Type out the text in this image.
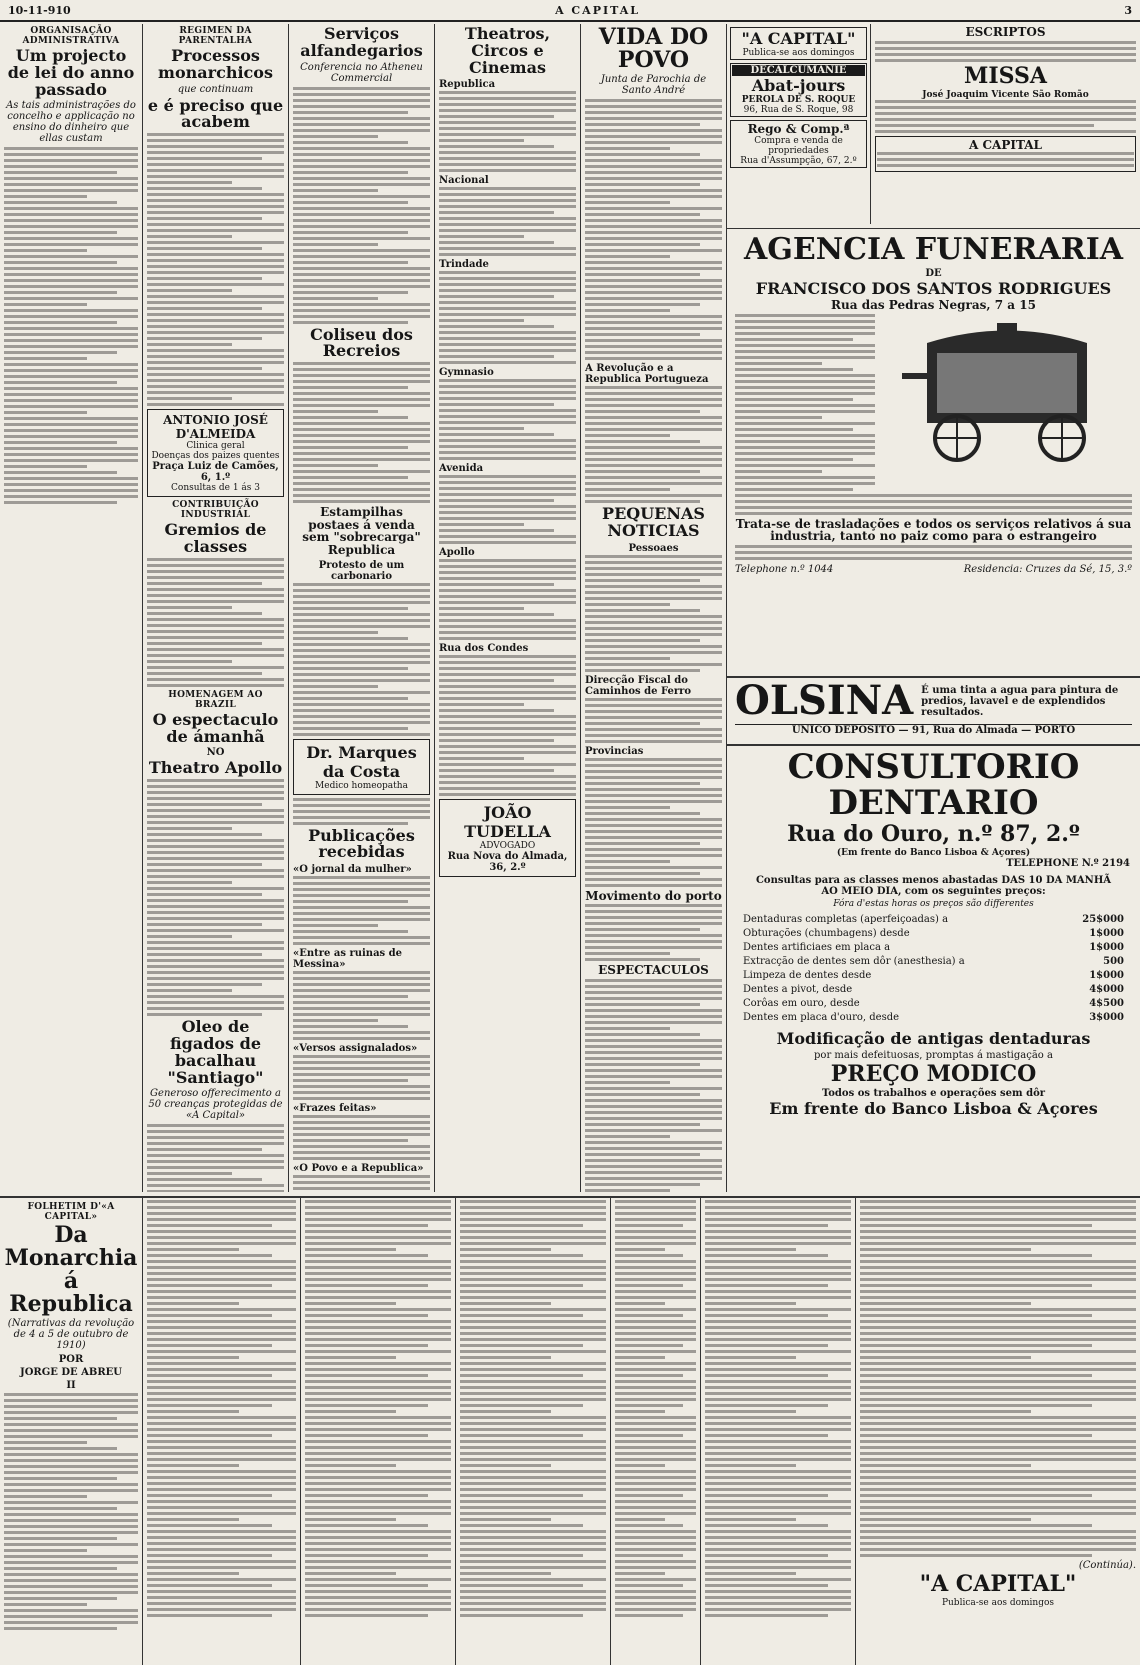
10-11-910	A CAPITAL	3
ORGANISAÇÃO ADMINISTRATIVA
Um projecto de lei do anno passado
As tais administrações do concelho e applicação no ensino do dinheiro que ellas custam
REGIMEN DA PARENTALHA
Processos monarchicos
que continuam
e é preciso que acabem
ANTONIO JOSÉ D'ALMEIDA
Clinica geral
Doenças dos paizes quentes
Praça Luiz de Camões, 6, 1.º
Consultas de 1 ás 3
CONTRIBUIÇÃO INDUSTRIAL
Gremios de classes
HOMENAGEM AO BRAZIL
O espectaculo de ámanhã
NO
Theatro Apollo
Oleo de figados de bacalhau "Santiago"
Generoso offerecimento a 50 creanças protegidas de «A Capital»
Serviços alfandegarios
Conferencia no Atheneu Commercial
Coliseu dos Recreios
Estampilhas postaes á venda sem "sobrecarga" Republica
Protesto de um carbonario
Dr. Marques da Costa
Medico homeopatha
Publicações recebidas
«O jornal da mulher»
«Entre as ruinas de Messina»
«Versos assignalados»
«Frazes feitas»
«O Povo e a Republica»
Theatros, Circos e Cinemas
Republica
Nacional
Trindade
Gymnasio
Avenida
Apollo
Rua dos Condes
JOÃO TUDELLA
ADVOGADO
Rua Nova do Almada, 36, 2.º
VIDA DO POVO
Junta de Parochia de Santo André
A Revolução e a Republica Portugueza
PEQUENAS NOTICIAS
Pessoaes
Direcção Fiscal do Caminhos de Ferro
Provincias
Movimento do porto
ESPECTACULOS
"A CAPITAL"
Publica-se aos domingos
DECALCUMANIE
Abat-jours
PEROLA DE S. ROQUE
96, Rua de S. Roque, 98
Rego & Comp.ª
Compra e venda de propriedades
Rua d'Assumpção, 67, 2.º
ESCRIPTOS
MISSA
José Joaquim Vicente São Romão
A CAPITAL
AGENCIA FUNERARIA
DE
FRANCISCO DOS SANTOS RODRIGUES
Rua das Pedras Negras, 7 a 15
Trata-se de trasladações e todos os serviços relativos á sua industria, tanto no paiz como para o estrangeiro
Telephone n.º 1044	Residencia: Cruzes da Sé, 15, 3.º
OLSINA É uma tinta a agua para pintura de predios, lavavel e de explendidos resultados.
UNICO DEPOSITO — 91, Rua do Almada — PORTO
CONSULTORIO DENTARIO
Rua do Ouro, n.º 87, 2.º
(Em frente do Banco Lisboa & Açores)
TELEPHONE N.º 2194
Consultas para as classes menos abastadas DAS 10 DA MANHÃ AO MEIO DIA, com os seguintes preços:
Fóra d'estas horas os preços são differentes
Dentaduras completas (aperfeiçoadas) a	25$000
Obturações (chumbagens) desde	1$000
Dentes artificiaes em placa a	1$000
Extracção de dentes sem dôr (anesthesia) a	500
Limpeza de dentes desde	1$000
Dentes a pivot, desde	4$000
Corôas em ouro, desde	4$500
Dentes em placa d'ouro, desde	3$000
Modificação de antigas dentaduras
por mais defeituosas, promptas á mastigação a
PREÇO MODICO
Todos os trabalhos e operações sem dôr
Em frente do Banco Lisboa & Açores
FOLHETIM D'«A CAPITAL»
Da Monarchia á Republica
(Narrativas da revolução de 4 a 5 de outubro de 1910)
POR
JORGE DE ABREU
II
(Continúa).
"A CAPITAL"
Publica-se aos domingos
